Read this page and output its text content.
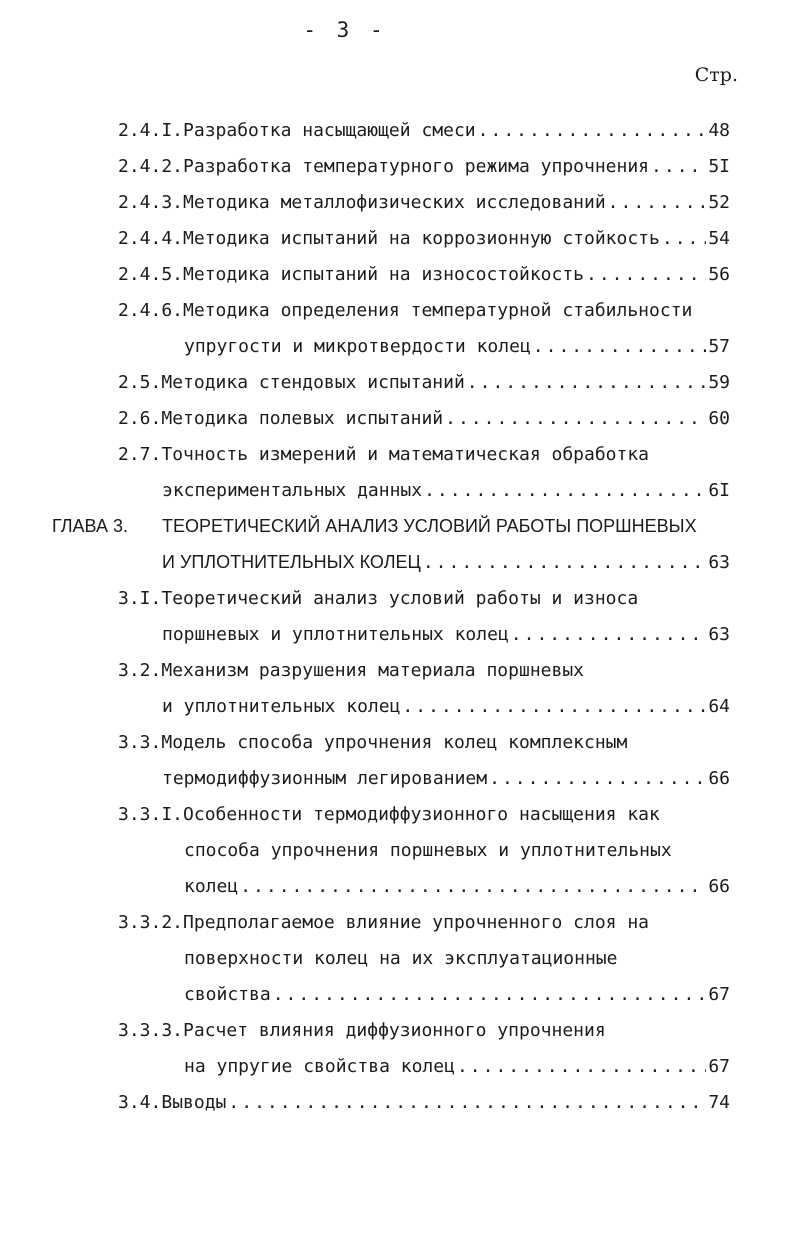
- 3 -
Стр.
2.4.I. Разработка насыщающей смеси .....	48
2.4.2. Разработка температурного режима упрочнения .....	5I
2.4.3. Методика металлофизических исследований .....	52
2.4.4. Методика испытаний на коррозионную стойкость .....	54
2.4.5. Методика испытаний на износостойкость .....	56
2.4.6. Методика определения температурной стабильности
упругости и микротвердости колец .....	57
2.5. Методика стендовых испытаний .....	59
2.6. Методика полевых испытаний .....	60
2.7. Точность измерений и математическая обработка
экспериментальных данных .....	6I
ГЛАВА 3.	ТЕОРЕТИЧЕСКИЙ АНАЛИЗ УСЛОВИЙ РАБОТЫ ПОРШНЕВЫХ
И УПЛОТНИТЕЛЬНЫХ КОЛЕЦ .....	63
3.I. Теоретический анализ условий работы и износа
поршневых и уплотнительных колец .....	63
3.2. Механизм разрушения материала поршневых
и уплотнительных колец .....	64
3.3. Модель способа упрочнения колец комплексным
термодиффузионным легированием .....	66
3.3.I. Особенности термодиффузионного насыщения как
способа упрочнения поршневых и уплотнительных
колец .....	66
3.3.2. Предполагаемое влияние упрочненного слоя на
поверхности колец на их эксплуатационные
свойства .....	67
3.3.3. Расчет влияния диффузионного упрочнения
на упругие свойства колец .....	67
3.4. Выводы .....	74
